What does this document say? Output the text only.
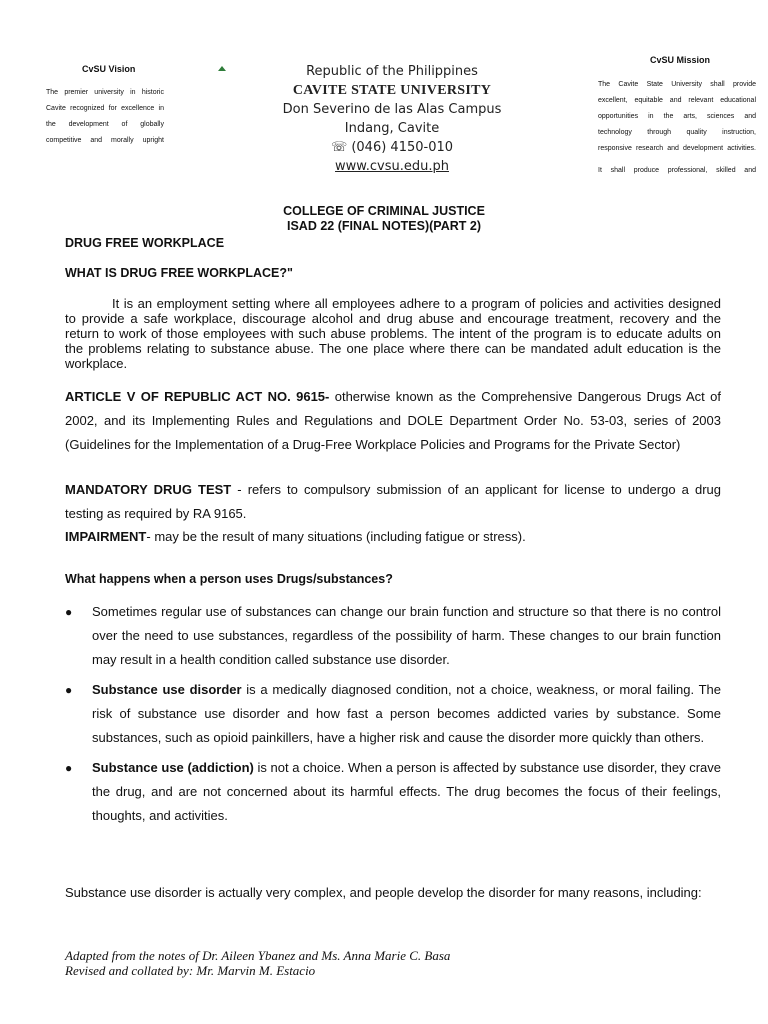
CvSU Vision
The premier university in historic
Cavite recognized for excellence in
the development of globally
competitive and morally upright
Republic of the Philippines
CAVITE STATE UNIVERSITY
Don Severino de las Alas Campus
Indang, Cavite
☏ (046) 4150-010
www.cvsu.edu.ph
CvSU Mission
The Cavite State University shall provide
excellent, equitable and relevant educational
opportunities in the arts, sciences and
technology through quality instruction,
responsive research and development activities.
It shall produce professional, skilled and
COLLEGE OF CRIMINAL JUSTICE
ISAD 22 (FINAL NOTES)(PART 2)
DRUG FREE WORKPLACE
WHAT IS DRUG FREE WORKPLACE?"
It is an employment setting where all employees adhere to a program of policies and activities designed to provide a safe workplace, discourage alcohol and drug abuse and encourage treatment, recovery and the return to work of those employees with such abuse problems. The intent of the program is to educate adults on the problems relating to substance abuse. The one place where there can be mandated adult education is the workplace.
ARTICLE V OF REPUBLIC ACT NO. 9615- otherwise known as the Comprehensive Dangerous Drugs Act of 2002, and its Implementing Rules and Regulations and DOLE Department Order No. 53-03, series of 2003 (Guidelines for the Implementation of a Drug-Free Workplace Policies and Programs for the Private Sector)
MANDATORY DRUG TEST - refers to compulsory submission of an applicant for license to undergo a drug testing as required by RA 9165.
IMPAIRMENT- may be the result of many situations (including fatigue or stress).
What happens when a person uses Drugs/substances?
● Sometimes regular use of substances can change our brain function and structure so that there is no control over the need to use substances, regardless of the possibility of harm. These changes to our brain function may result in a health condition called substance use disorder.
● Substance use disorder is a medically diagnosed condition, not a choice, weakness, or moral failing. The risk of substance use disorder and how fast a person becomes addicted varies by substance. Some substances, such as opioid painkillers, have a higher risk and cause the disorder more quickly than others.
● Substance use (addiction) is not a choice. When a person is affected by substance use disorder, they crave the drug, and are not concerned about its harmful effects. The drug becomes the focus of their feelings, thoughts, and activities.
Substance use disorder is actually very complex, and people develop the disorder for many reasons, including:
Adapted from the notes of Dr. Aileen Ybanez and Ms. Anna Marie C. Basa
Revised and collated by: Mr. Marvin M. Estacio
